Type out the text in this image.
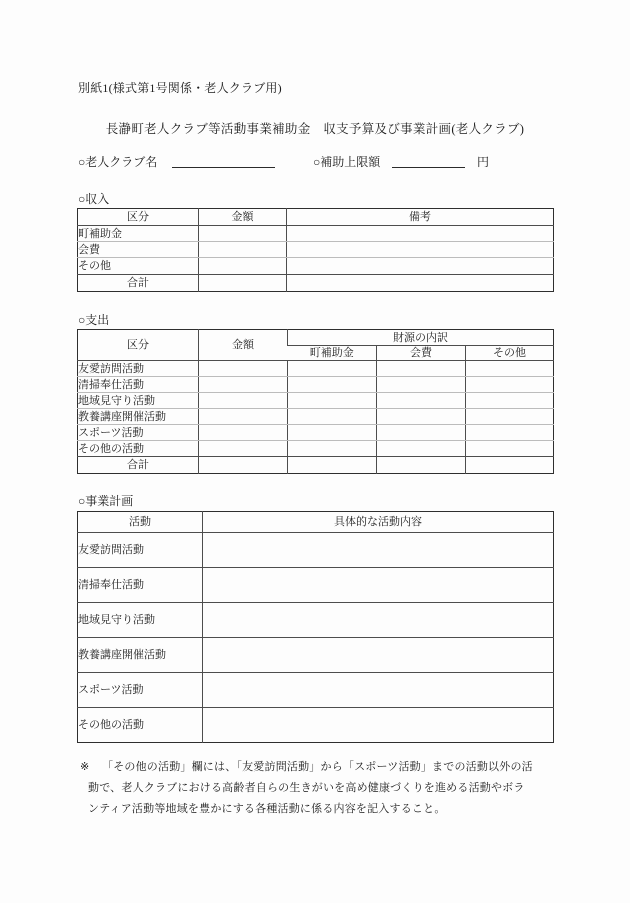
別紙1(様式第1号関係・老人クラブ用)
長瀞町老人クラブ等活動事業補助金　収支予算及び事業計画(老人クラブ)
○老人クラブ名	○補助上限額	円
○収入
区分	金額	備考
町補助金		
会費		
その他		
合計		
○支出
区分	金額	財源の内訳		
		町補助金	会費	その他
友愛訪問活動				
清掃奉仕活動				
地域見守り活動				
教養講座開催活動				
スポーツ活動				
その他の活動				
合計				
○事業計画
活動	具体的な活動内容
友愛訪問活動	
清掃奉仕活動	
地域見守り活動	
教養講座開催活動	
スポーツ活動	
その他の活動	
※	「その他の活動」欄には、「友愛訪問活動」から「スポーツ活動」までの活動以外の活
動で、老人クラブにおける高齢者自らの生きがいを高め健康づくりを進める活動やボラ
ンティア活動等地域を豊かにする各種活動に係る内容を記入すること。
